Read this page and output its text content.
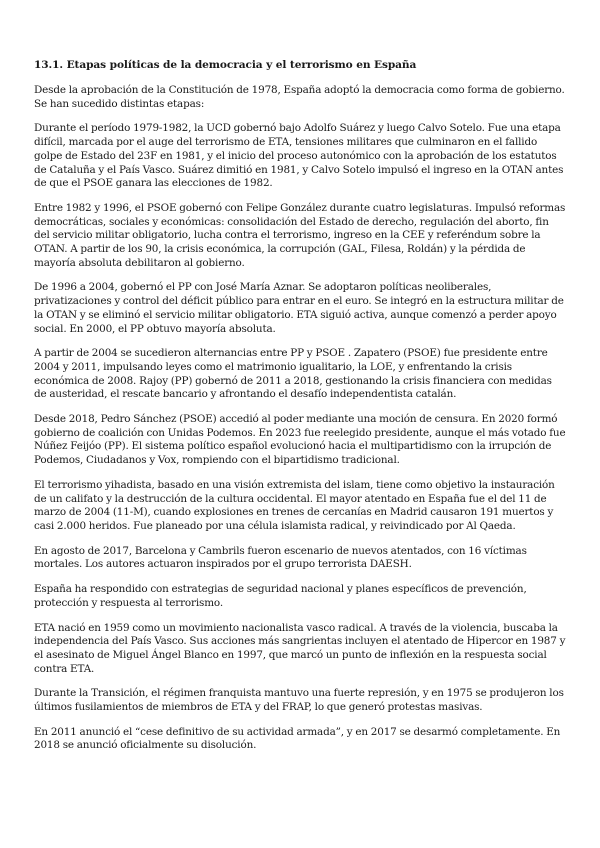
13.1. Etapas políticas de la democracia y el terrorismo en España

Desde la aprobación de la Constitución de 1978, España adoptó la democracia como forma de gobierno. Se han sucedido distintas etapas:

Durante el período 1979-1982, la UCD gobernó bajo Adolfo Suárez y luego Calvo Sotelo. Fue una etapa difícil, marcada por el auge del terrorismo de ETA, tensiones militares que culminaron en el fallido golpe de Estado del 23F en 1981, y el inicio del proceso autonómico con la aprobación de los estatutos de Cataluña y el País Vasco. Suárez dimitió en 1981, y Calvo Sotelo impulsó el ingreso en la OTAN antes de que el PSOE ganara las elecciones de 1982.

Entre 1982 y 1996, el PSOE gobernó con Felipe González durante cuatro legislaturas. Impulsó reformas democráticas, sociales y económicas: consolidación del Estado de derecho, regulación del aborto, fin del servicio militar obligatorio, lucha contra el terrorismo, ingreso en la CEE y referéndum sobre la OTAN. A partir de los 90, la crisis económica, la corrupción (GAL, Filesa, Roldán) y la pérdida de mayoría absoluta debilitaron al gobierno.

De 1996 a 2004, gobernó el PP con José María Aznar. Se adoptaron políticas neoliberales, privatizaciones y control del déficit público para entrar en el euro. Se integró en la estructura militar de la OTAN y se eliminó el servicio militar obligatorio. ETA siguió activa, aunque comenzó a perder apoyo social. En 2000, el PP obtuvo mayoría absoluta.

A partir de 2004 se sucedieron alternancias entre PP y PSOE . Zapatero (PSOE) fue presidente entre 2004 y 2011, impulsando leyes como el matrimonio igualitario, la LOE, y enfrentando la crisis económica de 2008. Rajoy (PP) gobernó de 2011 a 2018, gestionando la crisis financiera con medidas de austeridad, el rescate bancario y afrontando el desafío independentista catalán.

Desde 2018, Pedro Sánchez (PSOE) accedió al poder mediante una moción de censura. En 2020 formó gobierno de coalición con Unidas Podemos. En 2023 fue reelegido presidente, aunque el más votado fue Núñez Feijóo (PP). El sistema político español evolucionó hacia el multipartidismo con la irrupción de Podemos, Ciudadanos y Vox, rompiendo con el bipartidismo tradicional.

El terrorismo yihadista, basado en una visión extremista del islam, tiene como objetivo la instauración de un califato y la destrucción de la cultura occidental. El mayor atentado en España fue el del 11 de marzo de 2004 (11-M), cuando explosiones en trenes de cercanías en Madrid causaron 191 muertos y casi 2.000 heridos. Fue planeado por una célula islamista radical, y reivindicado por Al Qaeda.

En agosto de 2017, Barcelona y Cambrils fueron escenario de nuevos atentados, con 16 víctimas mortales. Los autores actuaron inspirados por el grupo terrorista DAESH.

España ha respondido con estrategias de seguridad nacional y planes específicos de prevención, protección y respuesta al terrorismo.

ETA nació en 1959 como un movimiento nacionalista vasco radical. A través de la violencia, buscaba la independencia del País Vasco. Sus acciones más sangrientas incluyen el atentado de Hipercor en 1987 y el asesinato de Miguel Ángel Blanco en 1997, que marcó un punto de inflexión en la respuesta social contra ETA.

Durante la Transición, el régimen franquista mantuvo una fuerte represión, y en 1975 se produjeron los últimos fusilamientos de miembros de ETA y del FRAP, lo que generó protestas masivas.

En 2011 anunció el “cese definitivo de su actividad armada”, y en 2017 se desarmó completamente. En 2018 se anunció oficialmente su disolución.
